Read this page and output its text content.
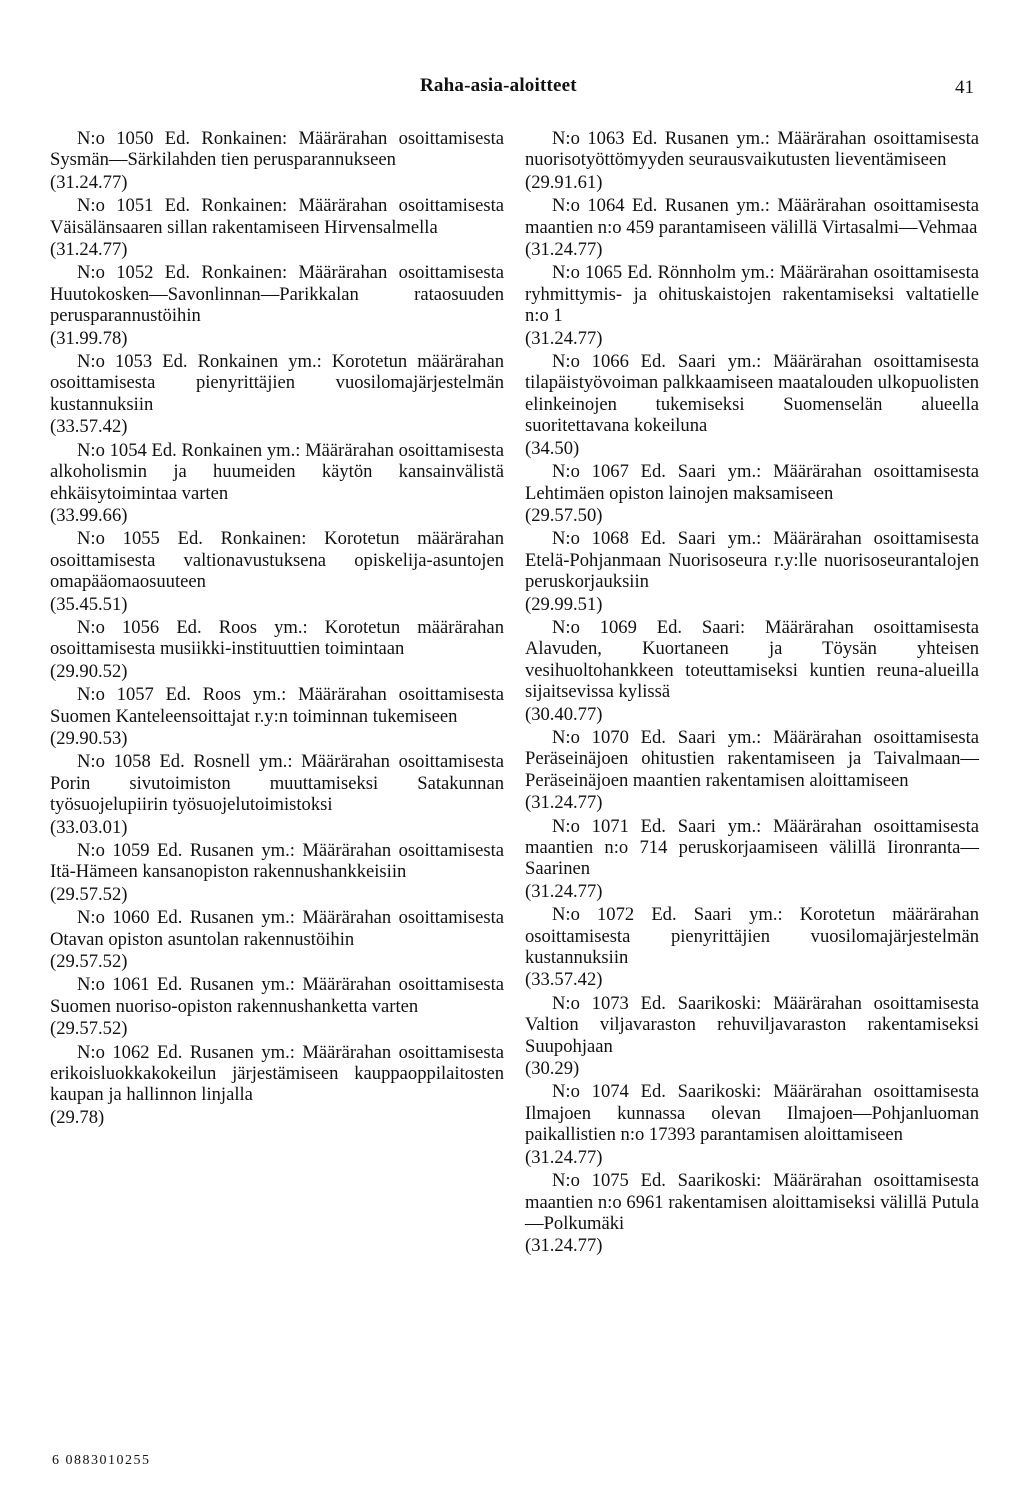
Raha-asia-aloitteet	41
N:o 1050 Ed. Ronkainen: Määrärahan osoittamisesta Sysmän—Särkilahden tien perusparannukseen
(31.24.77)
N:o 1051 Ed. Ronkainen: Määrärahan osoittamisesta Väisälänsaaren sillan rakentamiseen Hirvensalmella
(31.24.77)
N:o 1052 Ed. Ronkainen: Määrärahan osoittamisesta Huutokosken—Savonlinnan—Parikkalan rataosuuden perusparannustöihin
(31.99.78)
N:o 1053 Ed. Ronkainen ym.: Korotetun määrärahan osoittamisesta pienyrittäjien vuosilomajärjestelmän kustannuksiin
(33.57.42)
N:o 1054 Ed. Ronkainen ym.: Määrärahan osoittamisesta alkoholismin ja huumeiden käytön kansainvälistä ehkäisytoimintaa varten
(33.99.66)
N:o 1055 Ed. Ronkainen: Korotetun määrärahan osoittamisesta valtionavustuksena opiskelija-asuntojen omapääomaosuuteen
(35.45.51)
N:o 1056 Ed. Roos ym.: Korotetun määrärahan osoittamisesta musiikki-instituuttien toimintaan
(29.90.52)
N:o 1057 Ed. Roos ym.: Määrärahan osoittamisesta Suomen Kanteleensoittajat r.y:n toiminnan tukemiseen
(29.90.53)
N:o 1058 Ed. Rosnell ym.: Määrärahan osoittamisesta Porin sivutoimiston muuttamiseksi Satakunnan työsuojelupiirin työsuojelutoimistoksi
(33.03.01)
N:o 1059 Ed. Rusanen ym.: Määrärahan osoittamisesta Itä-Hämeen kansanopiston rakennushankkeisiin
(29.57.52)
N:o 1060 Ed. Rusanen ym.: Määrärahan osoittamisesta Otavan opiston asuntolan rakennustöihin
(29.57.52)
N:o 1061 Ed. Rusanen ym.: Määrärahan osoittamisesta Suomen nuoriso-opiston rakennushanketta varten
(29.57.52)
N:o 1062 Ed. Rusanen ym.: Määrärahan osoittamisesta erikoisluokkakokeilun järjestämiseen kauppaoppilaitosten kaupan ja hallinnon linjalla
(29.78)
N:o 1063 Ed. Rusanen ym.: Määrärahan osoittamisesta nuorisotyöttömyyden seurausvaikutusten lieventämiseen
(29.91.61)
N:o 1064 Ed. Rusanen ym.: Määrärahan osoittamisesta maantien n:o 459 parantamiseen välillä Virtasalmi—Vehmaa
(31.24.77)
N:o 1065 Ed. Rönnholm ym.: Määrärahan osoittamisesta ryhmittymis- ja ohituskaistojen rakentamiseksi valtatielle n:o 1
(31.24.77)
N:o 1066 Ed. Saari ym.: Määrärahan osoittamisesta tilapäistyövoiman palkkaamiseen maatalouden ulkopuolisten elinkeinojen tukemiseksi Suomenselän alueella suoritettavana kokeiluna
(34.50)
N:o 1067 Ed. Saari ym.: Määrärahan osoittamisesta Lehtimäen opiston lainojen maksamiseen
(29.57.50)
N:o 1068 Ed. Saari ym.: Määrärahan osoittamisesta Etelä-Pohjanmaan Nuorisoseura r.y:lle nuorisoseurantalojen peruskorjauksiin
(29.99.51)
N:o 1069 Ed. Saari: Määrärahan osoittamisesta Alavuden, Kuortaneen ja Töysän yhteisen vesihuoltohankkeen toteuttamiseksi kuntien reuna-alueilla sijaitsevissa kylissä
(30.40.77)
N:o 1070 Ed. Saari ym.: Määrärahan osoittamisesta Peräseinäjoen ohitustien rakentamiseen ja Taivalmaan—Peräseinäjoen maantien rakentamisen aloittamiseen
(31.24.77)
N:o 1071 Ed. Saari ym.: Määrärahan osoittamisesta maantien n:o 714 peruskorjaamiseen välillä Iironranta—Saarinen
(31.24.77)
N:o 1072 Ed. Saari ym.: Korotetun määrärahan osoittamisesta pienyrittäjien vuosilomajärjestelmän kustannuksiin
(33.57.42)
N:o 1073 Ed. Saarikoski: Määrärahan osoittamisesta Valtion viljavaraston rehuviljavaraston rakentamiseksi Suupohjaan
(30.29)
N:o 1074 Ed. Saarikoski: Määrärahan osoittamisesta Ilmajoen kunnassa olevan Ilmajoen—Pohjanluoman paikallistien n:o 17393 parantamisen aloittamiseen
(31.24.77)
N:o 1075 Ed. Saarikoski: Määrärahan osoittamisesta maantien n:o 6961 rakentamisen aloittamiseksi välillä Putula—Polkumäki
(31.24.77)
6 0883010255
